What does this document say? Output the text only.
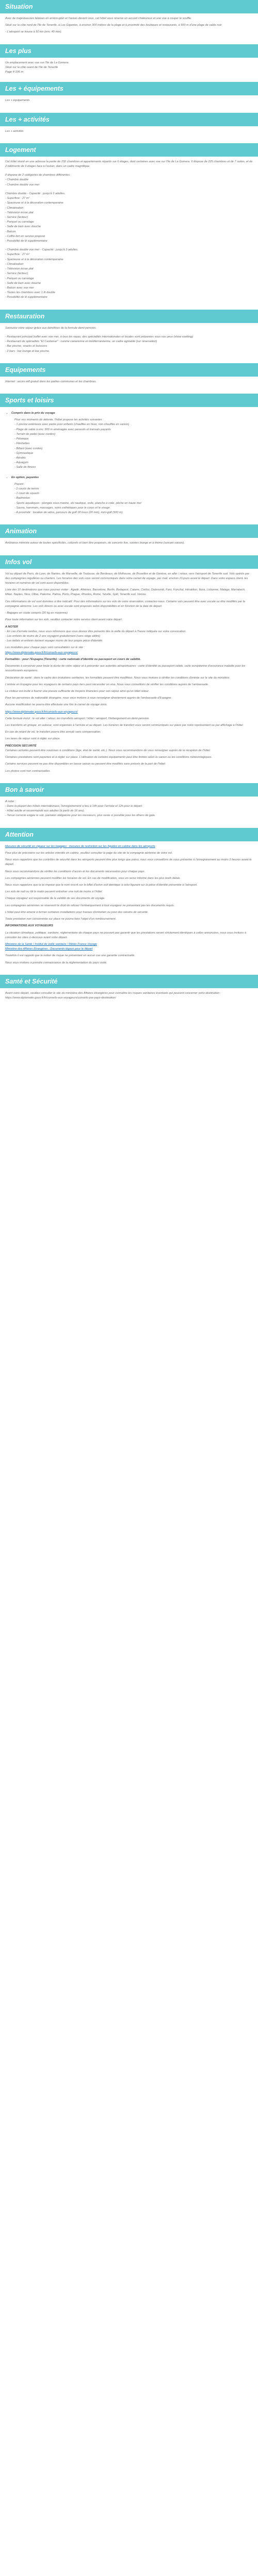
Situation

Avec de majestueuses falaises en arrière-plan et l'océan devant vous, cet hôtel vous réserve un accueil chaleureux et une vue à couper le souffle.

Situé sur la côte nord de l'île de Tenerife, à Los Gigantes, à environ 300 mètres de la plage et à proximité des boutiques et restaurants, à 900 m d'une plage de sable noir.

- L'aéroport se trouve à 50 km (env. 40 min).

Les plus

Un emplacement avec vue sur l'île de La Gomera

Situé sur la côte ouest de l'île de Tenerife

Page 4-106 m

Les + équipements

Les + équipements

Les + activités

Les + activités

Logement

Cet hôtel réunit en une adresse la partie de 232 chambres et appartements répartis sur 6 étages, dont certaines avec vue sur l'île de La Gomera. Il dispose de 225 chambres et de 7 suites, et de 2 bâtiments de 9 étages face à l'océan, dans un cadre magnifique.

Il dispose de 2 catégories de chambres différentes :

- Chambre double

- Chambre double vue mer

Chambre double - Capacité : jusqu'à 3 adultes.

- Superficie : 27 m²

- Spacieuse et à la décoration contemporaine

- Climatisation

- Télévision écran plat

- Service (lecteur)

- Parquet ou carrelage

- Salle de bain avec douche

- Balcon

- Coffre-fort en service proposé

- Possibilité de lit supplémentaire

- Chambre double vue mer - Capacité : jusqu'à 3 adultes.

- Superficie : 27 m²

- Spacieuse et à la décoration contemporaine

- Climatisation

- Télévision écran plat

- Service (lecteur)

- Parquet ou carrelage

- Salle de bain avec douche

- Balcon avec vue mer

- Toutes les chambres avec 1 lit double

- Possibilité de lit supplémentaire

Restauration

Savourez votre séjour grâce aux bénéfices de la formule demi-pension.

- Restaurant principal buffet avec vue mer, à tous les repas, des spécialités internationales et locales sont préparées sous vos yeux (show cooking)

- Restaurant de spécialités "El Castamar" : cuisine canarienne et méditerranéenne, un cadre agréable (sur réservation)

- Bar piscine, snacks et boissons

- 2 bars : bar lounge et bar piscine.

Equipements

Internet : accès wifi gratuit dans les parties communes et les chambres.

Sports et loisirs
• Compris dans le prix du voyage

Pour vos moments de détente, l'hôtel propose les activités suivantes :

- 1 piscine extérieure avec partie pour enfants (chauffée en hiver, non chauffée en saison)

- Plage de sable à env. 900 m aménagée avec parasols et transats payants

- Terrain de padel (avec cordes)

- Pétanque

- Fléchettes

- Billard (avec cordes)

- Gymnastique

- Aérobic

- Aquagym

- Salle de fitness

• En option, payantes

Payant :

- 2 courts de tennis

- 1 court de squash

- Badminton

- Sports aquatiques : plongée sous-marine, ski nautique, voile, planche à voile, pêche en haute mer

- Sauna, hammam, massages, soins esthétiques pour le corps et le visage

- A proximité : location de vélos, parcours de golf 18 trous (20 min), mini-golf (500 m).

Animation

Ambiance intimiste autour de toutes spécificités, culturels et bien être proposés, de concerts live, soirées lounge et à thème (suivant saison).

Infos vol

Vol au départ de Paris, de Lyon, de Nantes, de Marseille, de Toulouse, de Bordeaux, de Mulhouse, de Bruxelles et de Genève, en aller / retour, vers l'aéroport de Tenerife sud. Vols opérés par des compagnies régulières ou charters. Les horaires des vols vous seront communiqués dans votre carnet de voyage, par mail, environ 10 jours avant le départ. Dans votre espace client, les horaires et numéros de vol sont aussi disponibles.

Liste des 10 destinations que vous pourrez visiter : Agadir, Athènes, Barcelone, Berlin, Budapest, Catane, Corfou, Dubrovnik, Faro, Funchal, Héraklion, Ibiza, Lisbonne, Malaga, Marrakech, Milan, Naples, Nice, Olbia, Palerme, Palma, Porto, Prague, Rhodes, Rome, Séville, Split, Tenerife sud, Venise.

Ces informations de vol sont données à titre indicatif. Pour des informations sur les vols de votre réservation, contactez-nous. Certains vols peuvent être avec escale ou être modifiés par la compagnie aérienne. Les vols directs ou avec escale sont proposés selon disponibilités et en fonction de la date de départ.

- Bagages en soute compris (20 kg en moyenne)

Pour toute information sur les vols, veuillez contacter notre service client avant votre départ.

A NOTER

- En cas d'arrivée tardive, nous vous informons que vous devrez être présents dès la veille du départ à l'heure indiquée sur votre convocation.

- Les enfants de moins de 2 ans voyagent gratuitement (sans siège attitré)

- Les bébés et enfants doivent voyager munis de leur propre pièce d'identité.

Les modalités pour chaque pays sont consultables sur le site :

https://www.diplomatie.gouv.fr/fr/conseils-aux-voyageurs/

Formalités : pour l'Espagne (Tenerife) : carte nationale d'identité ou passeport en cours de validité.

Documents à conserver pour toute la durée de votre séjour et à présenter aux autorités aéroportuaires : carte d'identité ou passeport valide, carte européenne d'assurance maladie pour les ressortissants européens.

Déclaration de santé : dans le cadre des évolutions sanitaires, les formalités peuvent être modifiées. Nous vous invitons à vérifier les conditions d'entrée sur le site du ministère.

L'entrée en Espagne pour les voyageurs de certains pays tiers peut nécessiter un visa. Nous vous conseillons de vérifier les conditions auprès de l'ambassade.

Le visiteur est invité à fournir une preuve suffisante de moyens financiers pour son séjour ainsi qu'un billet retour.

Pour les personnes de nationalité étrangère, nous vous invitons à vous renseigner directement auprès de l'ambassade d'Espagne.

Aucune modification ne pourra être effectuée une fois le carnet de voyage émis.

https://www.diplomatie.gouv.fr/fr/conseils-aux-voyageurs/

Cette formule inclut : le vol aller / retour, les transferts aéroport / hôtel / aéroport, l'hébergement en demi-pension.

Les transferts en groupe, en autocar, sont organisés à l'arrivée et au départ. Les horaires de transfert vous seront communiqués sur place par notre représentant ou par affichage à l'hôtel.

En cas de retard de vol, le transfert pourra être annulé sans compensation.

Les taxes de séjour sont à régler sur place.

PRÉCISION SÉCURITÉ

Certaines activités peuvent être soumises à conditions (âge, état de santé, etc.). Nous vous recommandons de vous renseigner auprès de la réception de l'hôtel.

Certaines prestations sont payantes et à régler sur place. L'utilisation de certains équipements peut être limitée selon la saison ou les conditions météorologiques.

Certains services peuvent ne pas être disponibles en basse saison ou peuvent être modifiés sans préavis de la part de l'hôtel.

Les photos sont non contractuelles.

Bon à savoir

A noter :

- Dans la plupart des hôtels internationaux, l'enregistrement a lieu à 14h pour l'arrivée et 12h pour le départ.

- Hôtel adulte et recommandé aux adultes (à partir de 16 ans).

- Tenue correcte exigée le soir, pantalon obligatoire pour les messieurs, plus veste si possible pour les dîners de gala.

Attention

Mesures de sécurité en vigueur sur les bagages : mesures de restriction sur les liquides en cabine dans les aéroports

Pour plus de précisions sur les articles interdits en cabine, veuillez consulter la page du site de la compagnie aérienne de votre vol.

Nous vous rappelons que les contrôles de sécurité dans les aéroports peuvent être plus longs que prévu, nous vous conseillons de vous présenter à l'enregistrement au moins 2 heures avant le départ.

Nous vous recommandons de vérifier les conditions d'accès et les documents nécessaires pour chaque pays.

Les compagnies aériennes peuvent modifier les horaires de vol. En cas de modification, vous en serez informé dans les plus brefs délais.

Nous vous rappelons que la loi impose que le nom inscrit sur le billet d'avion soit identique à celui figurant sur la pièce d'identité présentée à l'aéroport.

Les vols de nuit ou tôt le matin peuvent entraîner une nuit de moins à l'hôtel.

Chaque voyageur est responsable de la validité de ses documents de voyage.

Les compagnies aériennes se réservent le droit de refuser l'embarquement à tout voyageur ne présentant pas les documents requis.

L'hôtel peut être amené à fermer certaines installations pour travaux d'entretien ou pour des raisons de sécurité.

Toute prestation non consommée sur place ne pourra faire l'objet d'un remboursement.

INFORMATIONS AUX VOYAGEURS

La situation climatique, politique, sanitaire, réglementaire de chaque pays ne pouvant pas garantir que les prestations seront strictement identiques à celles annoncées, nous vous invitons à consulter les sites ci-dessous avant votre départ.

Ministère de la Santé / Institut de veille sanitaire / Météo France Voyage

Ministère des Affaires Étrangères : Documents légaux pour le départ

Toutefois il est rappelé que la notion de risque ne présentant en aucun cas une garantie contractuelle.

Nous vous invitons à prendre connaissance de la réglementation du pays visité.

Santé et Sécurité

Avant votre départ, veuillez consulter le site du ministère des Affaires étrangères pour connaître les risques sanitaires éventuels qui peuvent concerner votre destination : https://www.diplomatie.gouv.fr/fr/conseils-aux-voyageurs/conseils-par-pays-destination/
